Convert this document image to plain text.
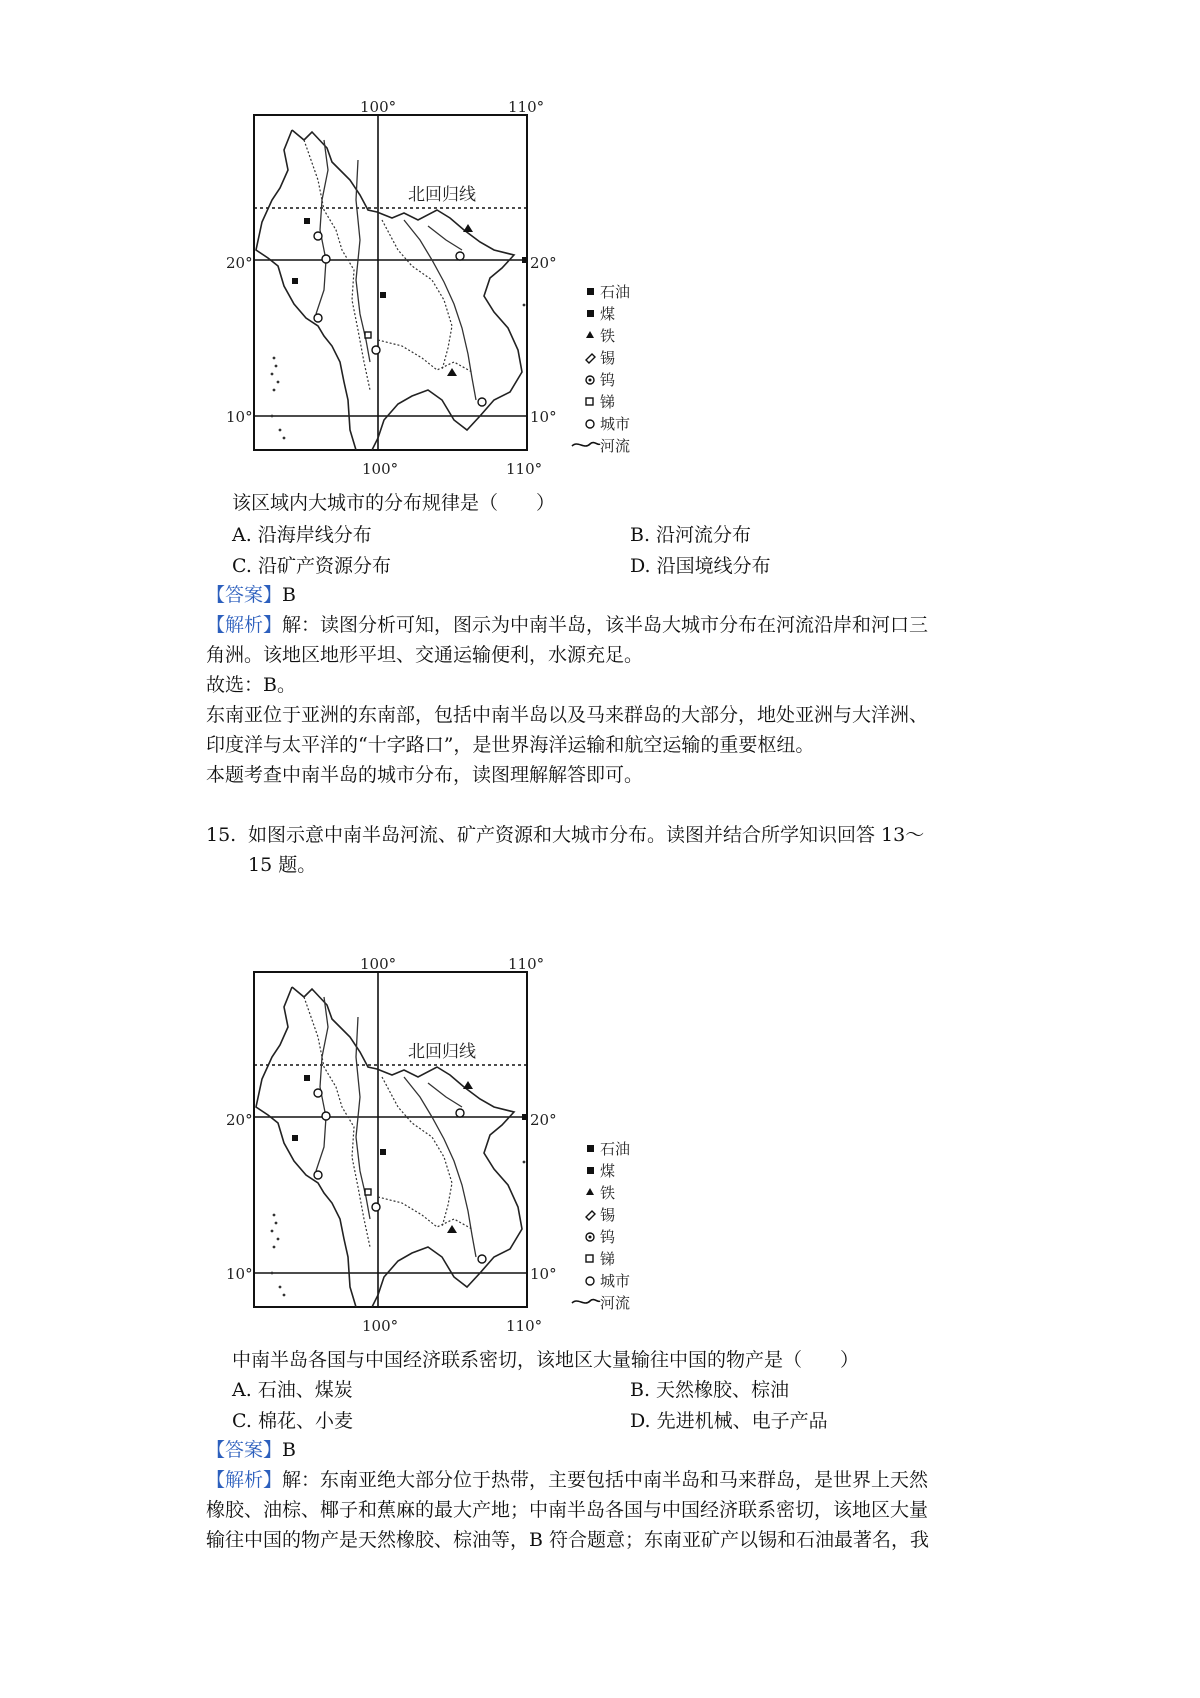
100°	110°
100°	110°
20°	20°
10°	10°
北回归线
石油
煤
铁
锡
钨
锑
城市
河流
该区域内大城市的分布规律是（　　）
A. 沿海岸线分布	B. 沿河流分布
C. 沿矿产资源分布	D. 沿国境线分布
【答案】B
【解析】解：读图分析可知，图示为中南半岛，该半岛大城市分布在河流沿岸和河口三
角洲。该地区地形平坦、交通运输便利，水源充足。
故选：B。
东南亚位于亚洲的东南部，包括中南半岛以及马来群岛的大部分，地处亚洲与大洋洲、
印度洋与太平洋的“十字路口”，是世界海洋运输和航空运输的重要枢纽。
本题考查中南半岛的城市分布，读图理解解答即可。
15. 如图示意中南半岛河流、矿产资源和大城市分布。读图并结合所学知识回答 13～
15 题。
100°	110°
100°	110°
20°	20°
10°	10°
北回归线
石油
煤
铁
锡
钨
锑
城市
河流
中南半岛各国与中国经济联系密切，该地区大量输往中国的物产是（　　）
A. 石油、煤炭	B. 天然橡胶、棕油
C. 棉花、小麦	D. 先进机械、电子产品
【答案】B
【解析】解：东南亚绝大部分位于热带，主要包括中南半岛和马来群岛，是世界上天然
橡胶、油棕、椰子和蕉麻的最大产地；中南半岛各国与中国经济联系密切，该地区大量
输往中国的物产是天然橡胶、棕油等，B 符合题意；东南亚矿产以锡和石油最著名，我
